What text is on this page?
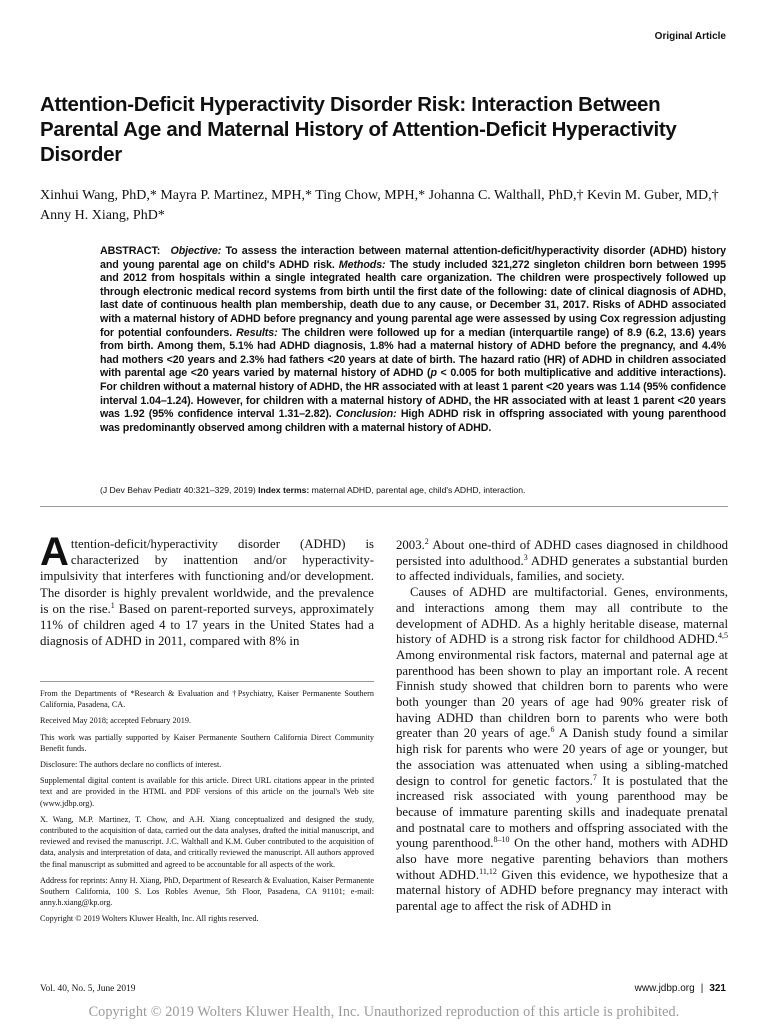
Original Article
Attention-Deficit Hyperactivity Disorder Risk: Interaction Between Parental Age and Maternal History of Attention-Deficit Hyperactivity Disorder

Xinhui Wang, PhD,* Mayra P. Martinez, MPH,* Ting Chow, MPH,* Johanna C. Walthall, PhD,† Kevin M. Guber, MD,† Anny H. Xiang, PhD*

ABSTRACT: Objective: To assess the interaction between maternal attention-deficit/hyperactivity disorder (ADHD) history and young parental age on child's ADHD risk. Methods: The study included 321,272 singleton children born between 1995 and 2012 from hospitals within a single integrated health care organization. The children were prospectively followed up through electronic medical record systems from birth until the first date of the following: date of clinical diagnosis of ADHD, last date of continuous health plan membership, death due to any cause, or December 31, 2017. Risks of ADHD associated with a maternal history of ADHD before pregnancy and young parental age were assessed by using Cox regression adjusting for potential confounders. Results: The children were followed up for a median (interquartile range) of 8.9 (6.2, 13.6) years from birth. Among them, 5.1% had ADHD diagnosis, 1.8% had a maternal history of ADHD before the pregnancy, and 4.4% had mothers <20 years and 2.3% had fathers <20 years at date of birth. The hazard ratio (HR) of ADHD in children associated with parental age <20 years varied by maternal history of ADHD (p < 0.005 for both multiplicative and additive interactions). For children without a maternal history of ADHD, the HR associated with at least 1 parent <20 years was 1.14 (95% confidence interval 1.04–1.24). However, for children with a maternal history of ADHD, the HR associated with at least 1 parent <20 years was 1.92 (95% confidence interval 1.31–2.82). Conclusion: High ADHD risk in offspring associated with young parenthood was predominantly observed among children with a maternal history of ADHD.

(J Dev Behav Pediatr 40:321–329, 2019) Index terms: maternal ADHD, parental age, child's ADHD, interaction.

Attention-deficit/hyperactivity disorder (ADHD) is characterized by inattention and/or hyperactivity-impulsivity that interferes with functioning and/or development. The disorder is highly prevalent worldwide, and the prevalence is on the rise.$^1$ Based on parent-reported surveys, approximately 11% of children aged 4 to 17 years in the United States had a diagnosis of ADHD in 2011, compared with 8% in

2003.$^2$ About one-third of ADHD cases diagnosed in childhood persisted into adulthood.$^3$ ADHD generates a substantial burden to affected individuals, families, and society.

Causes of ADHD are multifactorial. Genes, environments, and interactions among them may all contribute to the development of ADHD. As a highly heritable disease, maternal history of ADHD is a strong risk factor for childhood ADHD.$^{4,5}$ Among environmental risk factors, maternal and paternal age at parenthood has been shown to play an important role. A recent Finnish study showed that children born to parents who were both younger than 20 years of age had 90% greater risk of having ADHD than children born to parents who were both greater than 20 years of age.$^6$ A Danish study found a similar high risk for parents who were 20 years of age or younger, but the association was attenuated when using a sibling-matched design to control for genetic factors.$^7$ It is postulated that the increased risk associated with young parenthood may be because of immature parenting skills and inadequate prenatal and postnatal care to mothers and offspring associated with the young parenthood.$^{8-10}$ On the other hand, mothers with ADHD also have more negative parenting behaviors than mothers without ADHD.$^{11,12}$ Given this evidence, we hypothesize that a maternal history of ADHD before pregnancy may interact with parental age to affect the risk of ADHD in

From the Departments of *Research & Evaluation and †Psychiatry, Kaiser Permanente Southern California, Pasadena, CA.

Received May 2018; accepted February 2019.

This work was partially supported by Kaiser Permanente Southern California Direct Community Benefit funds.

Disclosure: The authors declare no conflicts of interest.

Supplemental digital content is available for this article. Direct URL citations appear in the printed text and are provided in the HTML and PDF versions of this article on the journal's Web site (www.jdbp.org).

X. Wang, M.P. Martinez, T. Chow, and A.H. Xiang conceptualized and designed the study, contributed to the acquisition of data, carried out the data analyses, drafted the initial manuscript, and reviewed and revised the manuscript. J.C. Walthall and K.M. Guber contributed to the acquisition of data, analysis and interpretation of data, and critically reviewed the manuscript. All authors approved the final manuscript as submitted and agreed to be accountable for all aspects of the work.

Address for reprints: Anny H. Xiang, PhD, Department of Research & Evaluation, Kaiser Permanente Southern California, 100 S. Los Robles Avenue, 5th Floor, Pasadena, CA 91101; e-mail: anny.h.xiang@kp.org.

Copyright © 2019 Wolters Kluwer Health, Inc. All rights reserved.

Vol. 40, No. 5, June 2019	www.jdbp.org | 321
Copyright © 2019 Wolters Kluwer Health, Inc. Unauthorized reproduction of this article is prohibited.
